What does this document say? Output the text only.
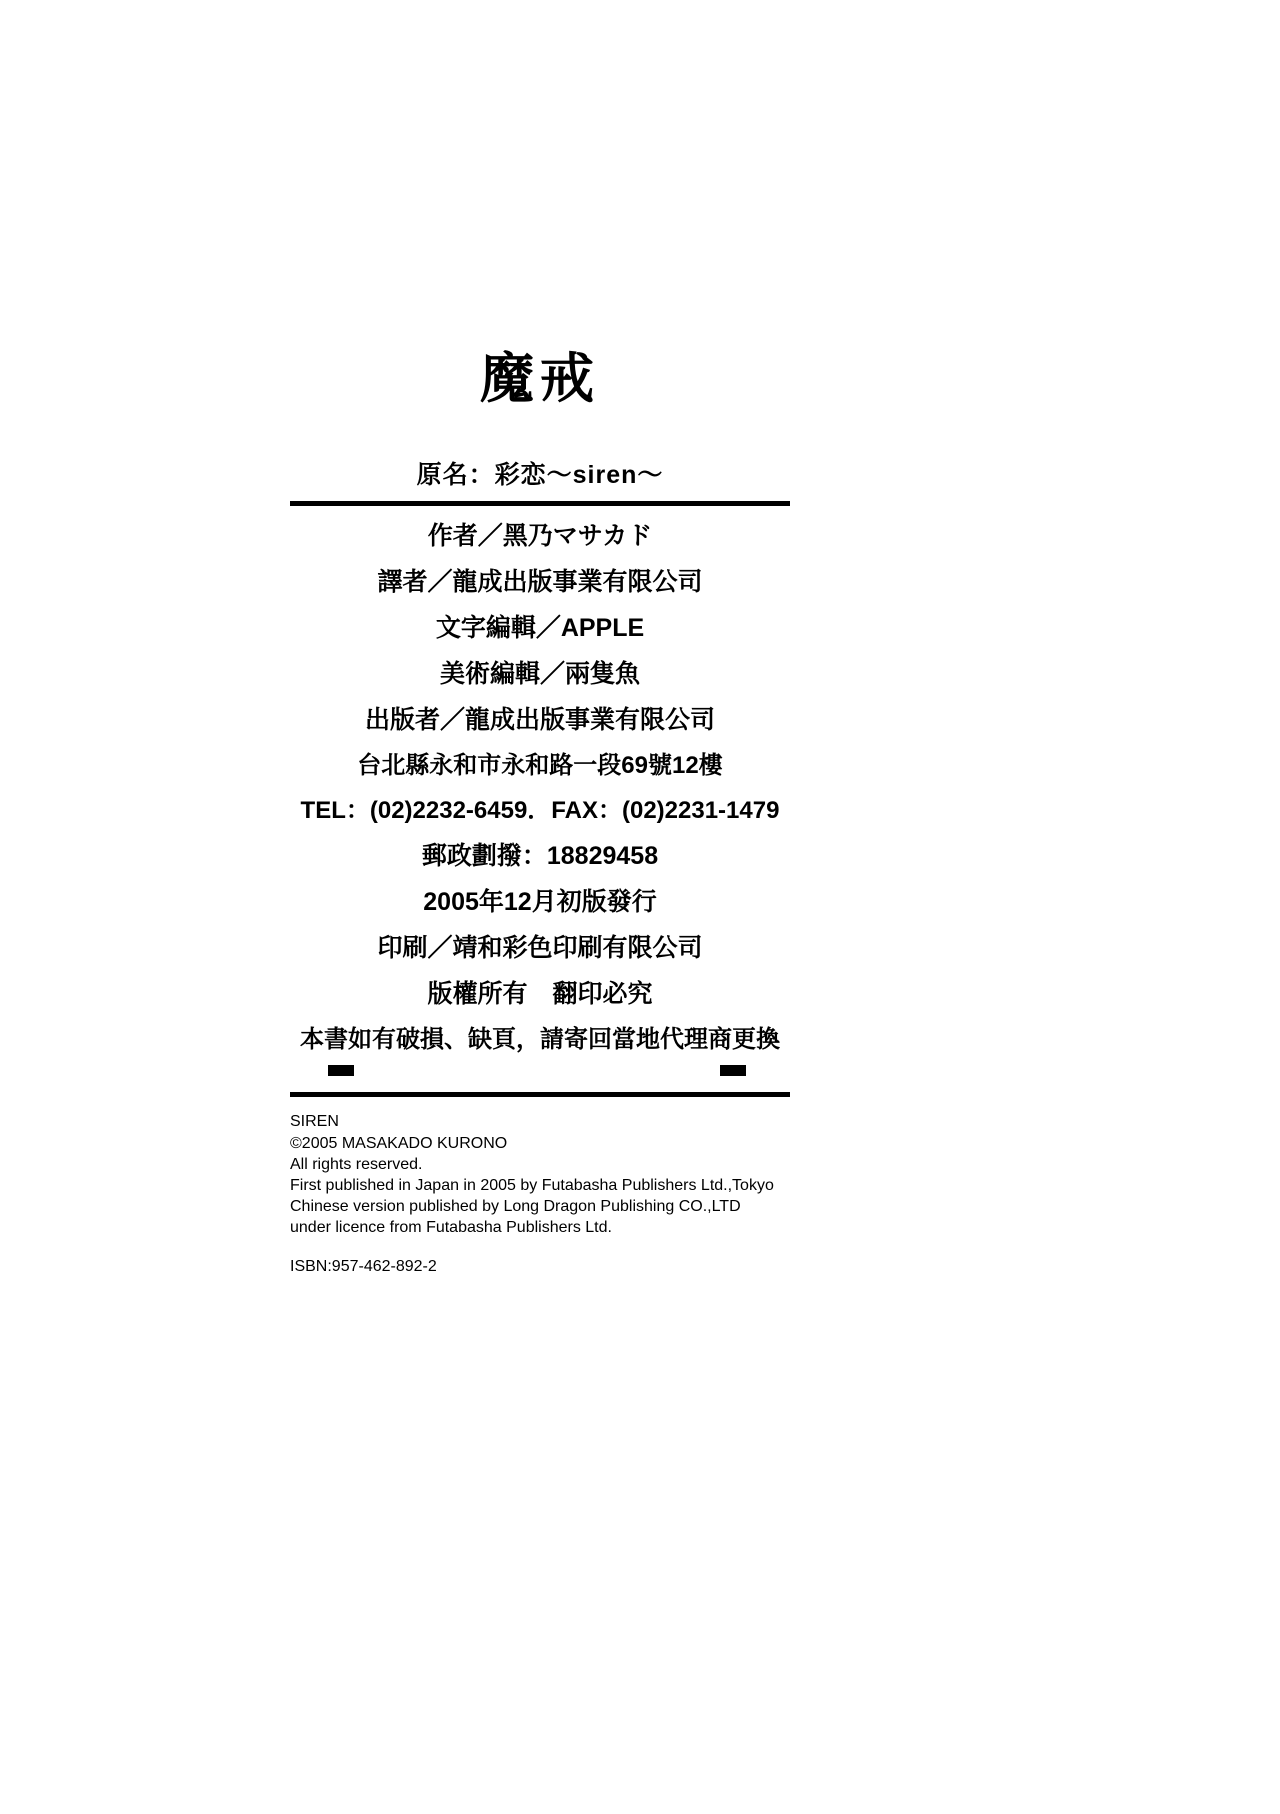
魔戒
原名：彩恋～siren～
作者／黑乃マサカド
譯者／龍成出版事業有限公司
文字編輯／APPLE
美術編輯／兩隻魚
出版者／龍成出版事業有限公司
台北縣永和市永和路一段69號12樓
TEL：(02)2232-6459．FAX：(02)2231-1479
郵政劃撥：18829458
2005年12月初版發行
印刷／靖和彩色印刷有限公司
版權所有　翻印必究
本書如有破損、缺頁，請寄回當地代理商更換
SIREN
©2005 MASAKADO KURONO
All rights reserved.
First published in Japan in 2005 by Futabasha Publishers Ltd.,Tokyo
Chinese version published by Long Dragon Publishing CO.,LTD
under licence from Futabasha Publishers Ltd.
ISBN:957-462-892-2
